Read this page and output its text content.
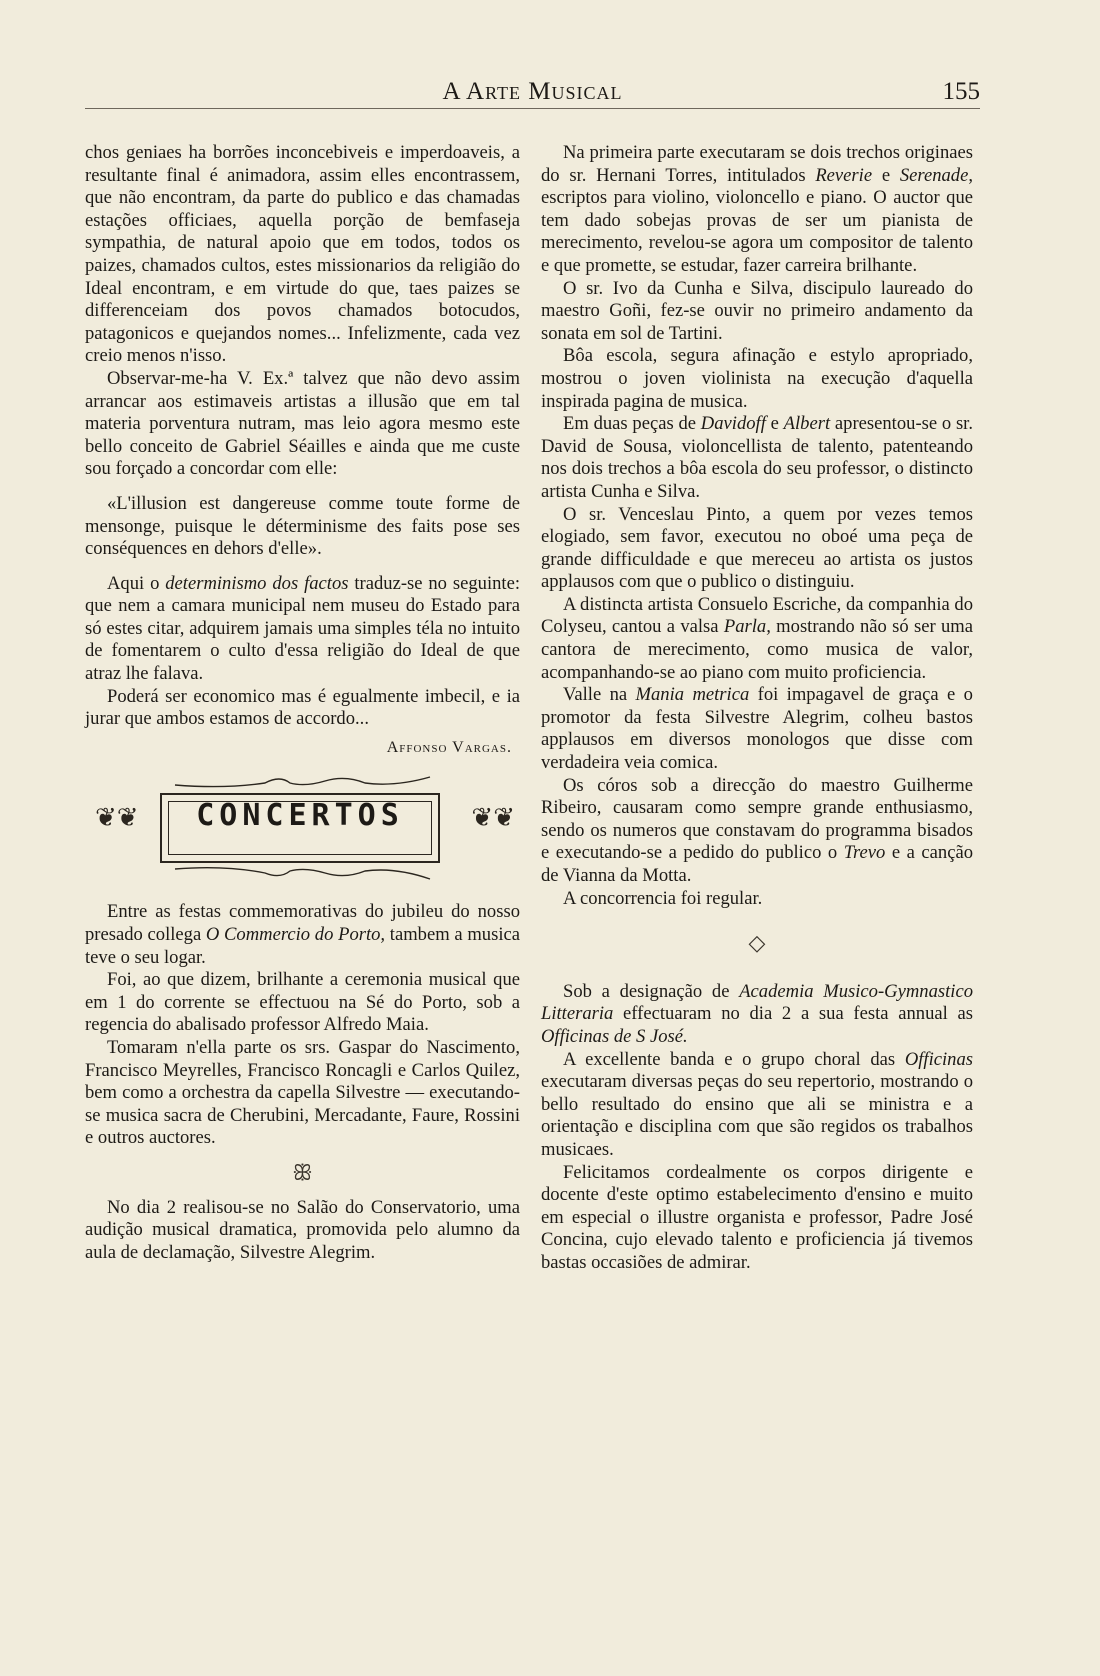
A Arte Musical	155

chos geniaes ha borrões inconcebiveis e imperdoaveis, a resultante final é animadora, assim elles encontrassem, que não encontram, da parte do publico e das chamadas estações officiaes, aquella porção de bemfaseja sympathia, de natural apoio que em todos, todos os paizes, chamados cultos, estes missionarios da religião do Ideal encontram, e em virtude do que, taes paizes se differenceiam dos povos chamados botocudos, patagonicos e quejandos nomes... Infelizmente, cada vez creio menos n'isso.

Observar-me-ha V. Ex.ª talvez que não devo assim arrancar aos estimaveis artistas a illusão que em tal materia porventura nutram, mas leio agora mesmo este bello conceito de Gabriel Séailles e ainda que me custe sou forçado a concordar com elle:

«L'illusion est dangereuse comme toute forme de mensonge, puisque le déterminisme des faits pose ses conséquences en dehors d'elle».

Aqui o determinismo dos factos traduz-se no seguinte: que nem a camara municipal nem museu do Estado para só estes citar, adquirem jamais uma simples téla no intuito de fomentarem o culto d'essa religião do Ideal de que atraz lhe falava.

Poderá ser economico mas é egualmente imbecil, e ia jurar que ambos estamos de accordo...

Affonso Vargas.
❦❦	CONCERTOS	❦❦

Entre as festas commemorativas do jubileu do nosso presado collega O Commercio do Porto, tambem a musica teve o seu logar.

Foi, ao que dizem, brilhante a ceremonia musical que em 1 do corrente se effectuou na Sé do Porto, sob a regencia do abalisado professor Alfredo Maia.

Tomaram n'ella parte os srs. Gaspar do Nascimento, Francisco Meyrelles, Francisco Roncagli e Carlos Quilez, bem como a orchestra da capella Silvestre — executando-se musica sacra de Cherubini, Mercadante, Faure, Rossini e outros auctores.

ꕥ

No dia 2 realisou-se no Salão do Conservatorio, uma audição musical dramatica, promovida pelo alumno da aula de declamação, Silvestre Alegrim.

Na primeira parte executaram se dois trechos originaes do sr. Hernani Torres, intitulados Reverie e Serenade, escriptos para violino, violoncello e piano. O auctor que tem dado sobejas provas de ser um pianista de merecimento, revelou-se agora um compositor de talento e que promette, se estudar, fazer carreira brilhante.

O sr. Ivo da Cunha e Silva, discipulo laureado do maestro Goñi, fez-se ouvir no primeiro andamento da sonata em sol de Tartini.

Bôa escola, segura afinação e estylo apropriado, mostrou o joven violinista na execução d'aquella inspirada pagina de musica.

Em duas peças de Davidoff e Albert apresentou-se o sr. David de Sousa, violoncellista de talento, patenteando nos dois trechos a bôa escola do seu professor, o distincto artista Cunha e Silva.

O sr. Venceslau Pinto, a quem por vezes temos elogiado, sem favor, executou no oboé uma peça de grande difficuldade e que mereceu ao artista os justos applausos com que o publico o distinguiu.

A distincta artista Consuelo Escriche, da companhia do Colyseu, cantou a valsa Parla, mostrando não só ser uma cantora de merecimento, como musica de valor, acompanhando-se ao piano com muito proficiencia.

Valle na Mania metrica foi impagavel de graça e o promotor da festa Silvestre Alegrim, colheu bastos applausos em diversos monologos que disse com verdadeira veia comica.

Os córos sob a direcção do maestro Guilherme Ribeiro, causaram como sempre grande enthusiasmo, sendo os numeros que constavam do programma bisados e executando-se a pedido do publico o Trevo e a canção de Vianna da Motta.

A concorrencia foi regular.

◇

Sob a designação de Academia Musico-Gymnastico Litteraria effectuaram no dia 2 a sua festa annual as Officinas de S José.

A excellente banda e o grupo choral das Officinas executaram diversas peças do seu repertorio, mostrando o bello resultado do ensino que ali se ministra e a orientação e disciplina com que são regidos os trabalhos musicaes.

Felicitamos cordealmente os corpos dirigente e docente d'este optimo estabelecimento d'ensino e muito em especial o illustre organista e professor, Padre José Concina, cujo elevado talento e proficiencia já tivemos bastas occasiões de admirar.
